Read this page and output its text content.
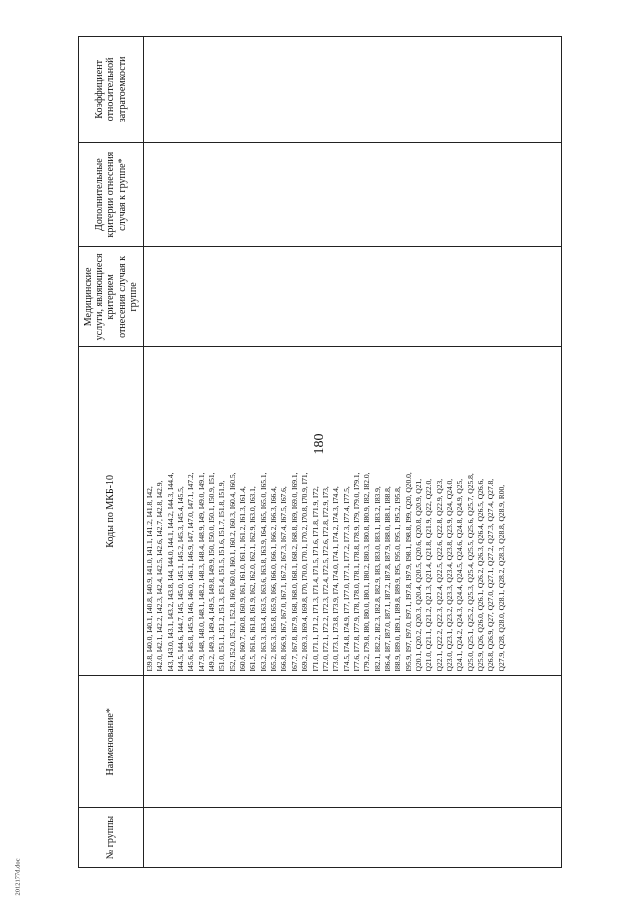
180
№ группы
Наименование*
Коды по МКБ-10
Медицинские услуги, являющиеся критерием отнесения случая к группе
Дополнительные критерии отнесения случая к группе*
Коэффициент относительной затратоемкости
I39.8, I40.0, I40.1, I40.8, I40.9, I41.0, I41.1, I41.2, I41.8, I42, I42.0, I42.1, I42.2, I42.3, I42.4, I42.5, I42.6, I42.7, I42.8, I42.9, I43, I43.0, I43.1, I43.2, I43.8, I44, I44.0, I44.1, I44.2, I44.3, I44.4, I44.5, I44.6, I44.7, I45, I45.0, I45.1, I45.2, I45.3, I45.4, I45.5, I45.6, I45.8, I45.9, I46, I46.0, I46.1, I46.9, I47, I47.0, I47.1, I47.2, I47.9, I48, I48.0, I48.1, I48.2, I48.3, I48.4, I48.9, I49, I49.0, I49.1, I49.2, I49.3, I49.4, I49.5, I49.8, I49.9, I50, I50.0, I50.1, I50.9, I51, I51.0, I51.1, I51.2, I51.3, I51.4, I51.5, I51.6, I51.7, I51.8, I51.9, I52, I52.0, I52.1, I52.8, I60, I60.0, I60.1, I60.2, I60.3, I60.4, I60.5, I60.6, I60.7, I60.8, I60.9, I61, I61.0, I61.1, I61.2, I61.3, I61.4, I61.5, I61.6, I61.8, I61.9, I62, I62.0, I62.1, I62.9, I63.0, I63.1, I63.2, I63.3, I63.4, I63.5, I63.6, I63.8, I63.9, I64, I65, I65.0, I65.1, I65.2, I65.3, I65.8, I65.9, I66, I66.0, I66.1, I66.2, I66.3, I66.4, I66.8, I66.9, I67, I67.0, I67.1, I67.2, I67.3, I67.4, I67.5, I67.6, I67.7, I67.8, I67.9, I68, I68.0, I68.1, I68.2, I68.8, I69, I69.0, I69.1, I69.2, I69.3, I69.4, I69.8, I70, I70.0, I70.1, I70.2, I70.8, I70.9, I71, I71.0, I71.1, I71.2, I71.3, I71.4, I71.5, I71.6, I71.8, I71.9, I72, I72.0, I72.1, I72.2, I72.3, I72.4, I72.5, I72.6, I72.8, I72.9, I73, I73.0, I73.1, I73.8, I73.9, I74, I74.0, I74.1, I74.2, I74.3, I74.4, I74.5, I74.8, I74.9, I77, I77.0, I77.1, I77.2, I77.3, I77.4, I77.5, I77.6, I77.8, I77.9, I78, I78.0, I78.1, I78.8, I78.9, I79, I79.0, I79.1, I79.2, I79.8, I80, I80.0, I80.1, I80.2, I80.3, I80.8, I80.9, I82, I82.0, I82.1, I82.2, I82.3, I82.8, I82.9, I83, I83.0, I83.1, I83.2, I83.9, I86.4, I87, I87.0, I87.1, I87.2, I87.8, I87.9, I88.0, I88.1, I88.8, I88.9, I89.0, I89.1, I89.8, I89.9, I95, I95.0, I95.1, I95.2, I95.8, I95.9, I97, I97.0, I97.1, I97.8, I97.9, I98.1, I98.8, I99, Q20, Q20.0, Q20.1, Q20.2, Q20.3, Q20.4, Q20.5, Q20.6, Q20.8, Q20.9, Q21, Q21.0, Q21.1, Q21.2, Q21.3, Q21.4, Q21.8, Q21.9, Q22, Q22.0, Q22.1, Q22.2, Q22.3, Q22.4, Q22.5, Q22.6, Q22.8, Q22.9, Q23, Q23.0, Q23.1, Q23.2, Q23.3, Q23.4, Q23.8, Q23.9, Q24, Q24.0, Q24.1, Q24.2, Q24.3, Q24.4, Q24.5, Q24.6, Q24.8, Q24.9, Q25, Q25.0, Q25.1, Q25.2, Q25.3, Q25.4, Q25.5, Q25.6, Q25.7, Q25.8, Q25.9, Q26, Q26.0, Q26.1, Q26.2, Q26.3, Q26.4, Q26.5, Q26.6, Q26.8, Q26.9, Q27, Q27.0, Q27.1, Q27.2, Q27.3, Q27.4, Q27.8, Q27.9, Q28, Q28.0, Q28.1, Q28.2, Q28.3, Q28.8, Q28.9, R00,
2012177d.doc
